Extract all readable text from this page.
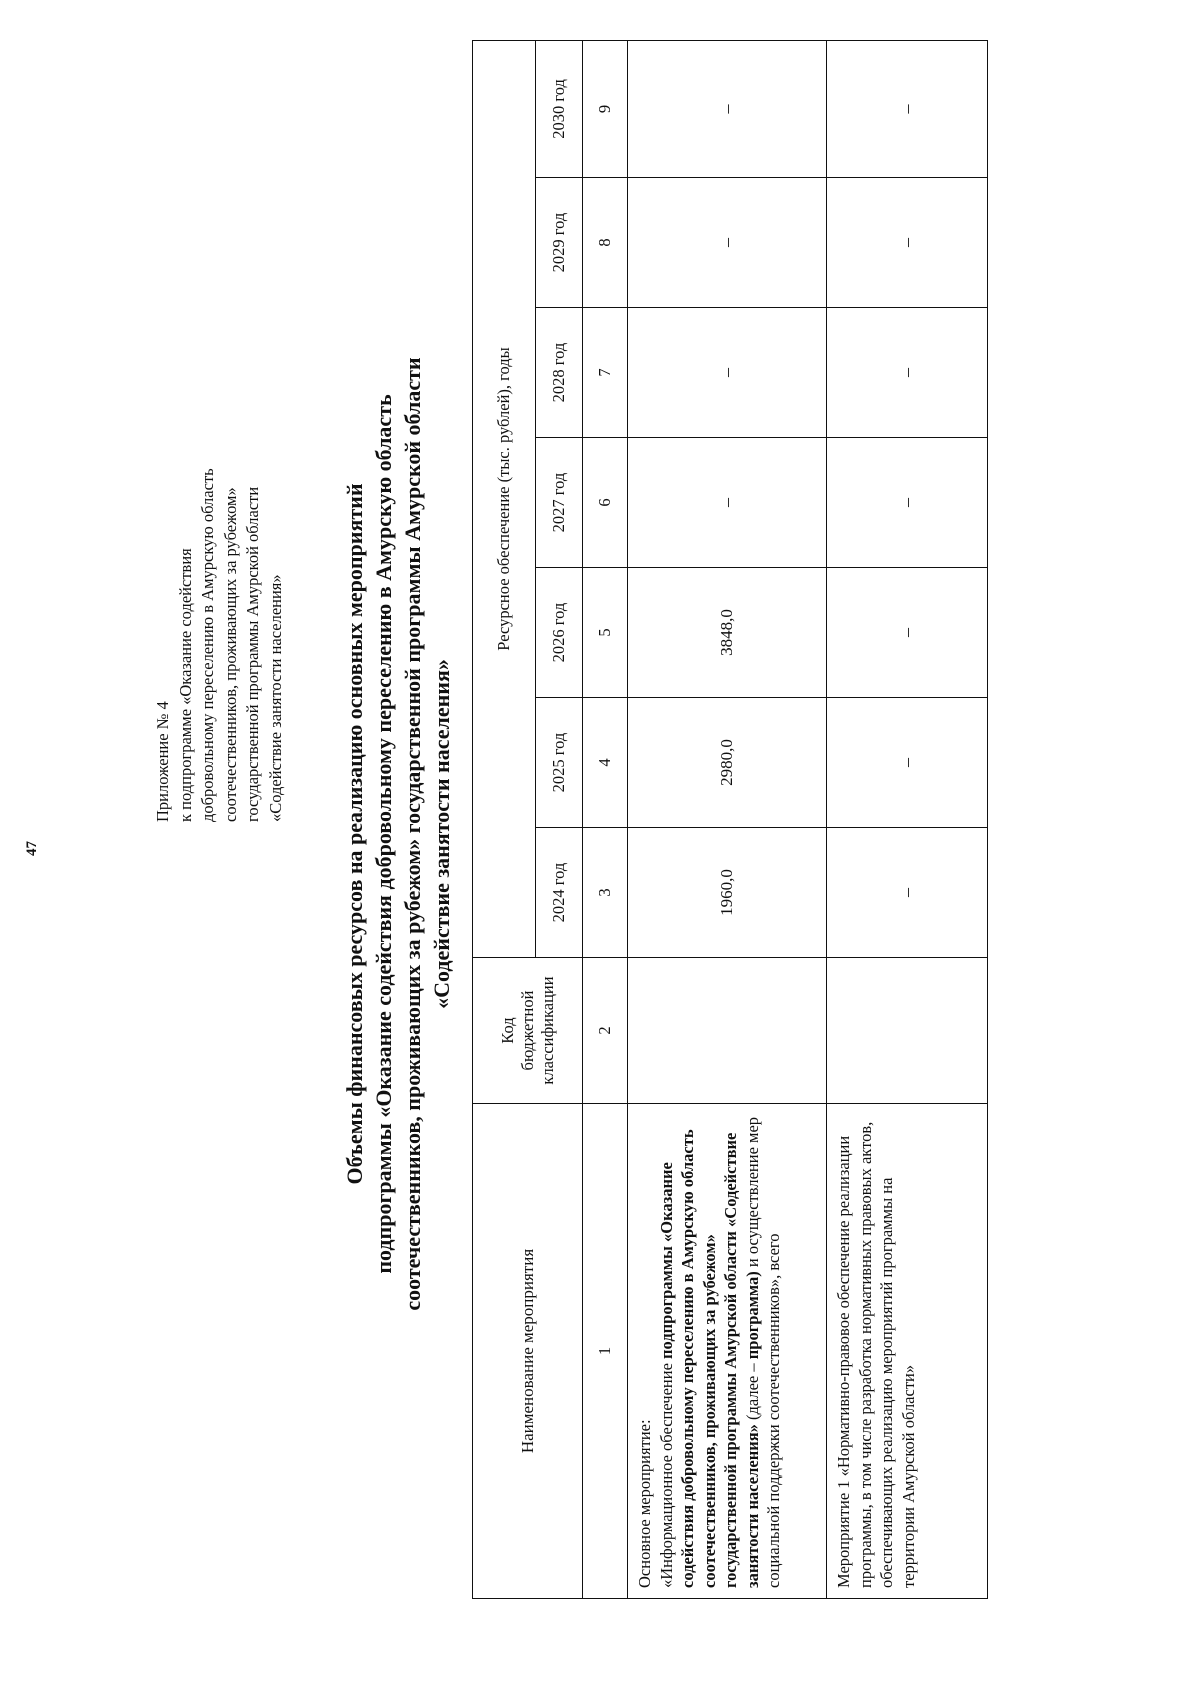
47
Приложение № 4 к подпрограмме «Оказание содействия добровольному переселению в Амурскую область соотечественников, проживающих за рубежом» государственной программы Амурской области «Содействие занятости населения»	Объемы финансовых ресурсов на реализацию основных мероприятий подпрограммы «Оказание содействия добровольному переселению в Амурскую область соотечественников, проживающих за рубежом» государственной программы Амурской области «Содействие занятости населения»
Наименование мероприятия	Код бюджетной классификации	Ресурсное обеспечение (тыс. рублей), годы						
		2024 год	2025 год	2026 год	2027 год	2028 год	2029 год	2030 год
1	2	3	4	5	6	7	8	9
Основное мероприятие: «Информационное обеспечение подпрограммы «Оказание содействия добровольному переселению в Амурскую область соотечественников, проживающих за рубежом» государственной программы Амурской области «Содействие занятости населения» (далее – программа) и осуществление мер социальной поддержки соотечественников», всего		1960,0	2980,0	3848,0	–	–	–	–
Мероприятие 1 «Нормативно-правовое обеспечение реализации программы, в том числе разработка нормативных правовых актов, обеспечивающих реализацию мероприятий программы на территории Амурской области»		–	–	–	–	–	–	–
